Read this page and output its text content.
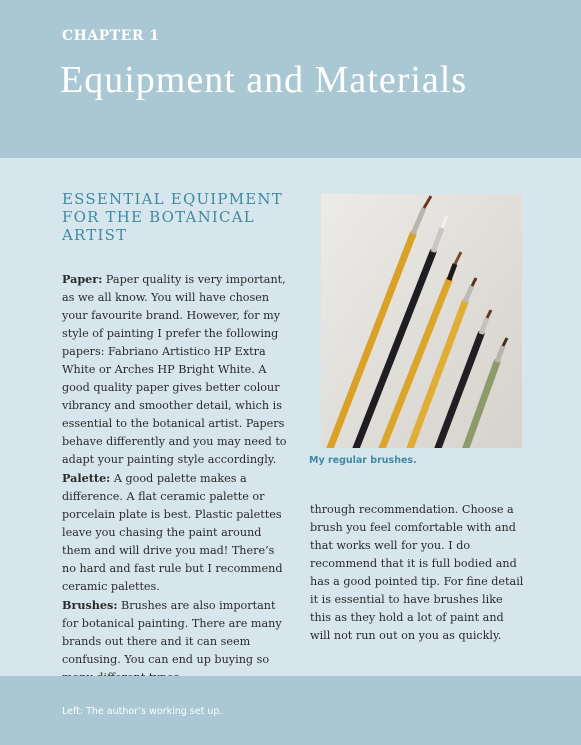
CHAPTER 1
Equipment and Materials
ESSENTIAL EQUIPMENT FOR THE BOTANICAL ARTIST

Paper: Paper quality is very important, as we all know. You will have chosen your favourite brand. However, for my style of painting I prefer the following papers: Fabriano Artistico HP Extra White or Arches HP Bright White. A good quality paper gives better colour vibrancy and smoother detail, which is essential to the botanical artist. Papers behave differently and you may need to adapt your painting style accordingly.

Palette: A good palette makes a difference. A flat ceramic palette or porcelain plate is best. Plastic palettes leave you chasing the paint around them and will drive you mad! There’s no hard and fast rule but I recommend ceramic palettes.

Brushes: Brushes are also important for botanical painting. There are many brands out there and it can seem confusing. You can end up buying so

My regular brushes.

through recommendation. Choose a brush you feel comfortable with and that works well for you. I do recommend that it is full bodied and has a good pointed tip. For fine detail it is essential to have brushes like this as they hold a lot of paint and will not run out on you as quickly.

Left: The author’s working set up.
